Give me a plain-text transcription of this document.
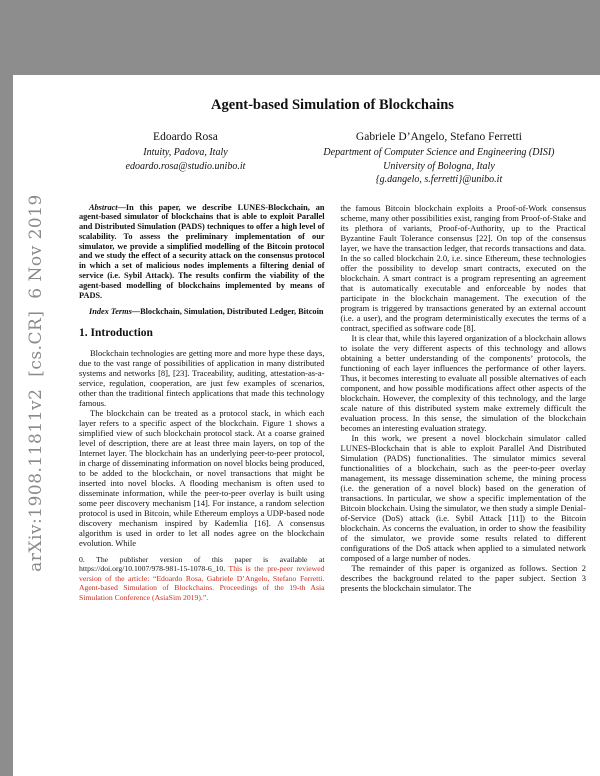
arXiv:1908.11811v2  [cs.CR]  6 Nov 2019
Agent-based Simulation of Blockchains
Edoardo Rosa
Intuity, Padova, Italy
edoardo.rosa@studio.unibo.it
Gabriele D’Angelo, Stefano Ferretti
Department of Computer Science and Engineering (DISI)
University of Bologna, Italy
{g.dangelo, s.ferretti}@unibo.it

Abstract—In this paper, we describe LUNES-Blockchain, an agent-based simulator of blockchains that is able to exploit Parallel and Distributed Simulation (PADS) techniques to offer a high level of scalability. To assess the preliminary implementation of our simulator, we provide a simplified modelling of the Bitcoin protocol and we study the effect of a security attack on the consensus protocol in which a set of malicious nodes implements a filtering denial of service (i.e. Sybil Attack). The results confirm the viability of the agent-based modelling of blockchains implemented by means of PADS.

Index Terms—Blockchain, Simulation, Distributed Ledger, Bitcoin

1. Introduction

Blockchain technologies are getting more and more hype these days, due to the vast range of possibilities of application in many distributed systems and networks [8], [23]. Traceability, auditing, attestation-as-a-service, regulation, cooperation, are just few examples of scenarios, other than the traditional fintech applications that made this technology famous.

The blockchain can be treated as a protocol stack, in which each layer refers to a specific aspect of the blockchain. Figure 1 shows a simplified view of such blockchain protocol stack. At a coarse grained level of description, there are at least three main layers, on top of the Internet layer. The blockchain has an underlying peer-to-peer protocol, in charge of disseminating information on novel blocks being produced, to be added to the blockchain, or novel transactions that might be inserted into novel blocks. A flooding mechanism is often used to disseminate information, while the peer-to-peer overlay is built using some peer discovery mechanism [14]. For instance, a random selection protocol is used in Bitcoin, while Ethereum employs a UDP-based node discovery mechanism inspired by Kademlia [16]. A consensus algorithm is used in order to let all nodes agree on the blockchain evolution. While

0. The publisher version of this paper is available at https://doi.org/10.1007/978-981-15-1078-6_10. This is the pre-peer reviewed version of the article: “Edoardo Rosa, Gabriele D’Angelo, Stefano Ferretti. Agent-based Simulation of Blockchains. Proceedings of the 19-th Asia Simulation Conference (AsiaSim 2019).”.

the famous Bitcoin blockchain exploits a Proof-of-Work consensus scheme, many other possibilities exist, ranging from Proof-of-Stake and its plethora of variants, Proof-of-Authority, up to the Practical Byzantine Fault Tolerance consensus [22]. On top of the consensus layer, we have the transaction ledger, that records transactions and data. In the so called blockchain 2.0, i.e. since Ethereum, these technologies offer the possibility to develop smart contracts, executed on the blockchain. A smart contract is a program representing an agreement that is automatically executable and enforceable by nodes that participate in the blockchain management. The execution of the program is triggered by transactions generated by an external account (i.e. a user), and the program deterministically executes the terms of a contract, specified as software code [8].

It is clear that, while this layered organization of a blockchain allows to isolate the very different aspects of this technology and allows obtaining a better understanding of the components’ protocols, the functioning of each layer influences the performance of other layers. Thus, it becomes interesting to evaluate all possible alternatives of each component, and how possible modifications affect other aspects of the blockchain. However, the complexity of this technology, and the large scale nature of this distributed system make extremely difficult the evaluation process. In this sense, the simulation of the blockchain becomes an interesting evaluation strategy.

In this work, we present a novel blockchain simulator called LUNES-Blockchain that is able to exploit Parallel And Distributed Simulation (PADS) functionalities. The simulator mimics several functionalities of a blockchain, such as the peer-to-peer overlay management, its message dissemination scheme, the mining process (i.e. the generation of a novel block) based on the generation of transactions. In particular, we show a specific implementation of the Bitcoin blockchain. Using the simulator, we then study a simple Denial-of-Service (DoS) attack (i.e. Sybil Attack [11]) to the Bitcoin blockchain. As concerns the evaluation, in order to show the feasibility of the simulator, we provide some results related to different configurations of the DoS attack when applied to a simulated network composed of a large number of nodes.

The remainder of this paper is organized as follows. Section 2 describes the background related to the paper subject. Section 3 presents the blockchain simulator. The
